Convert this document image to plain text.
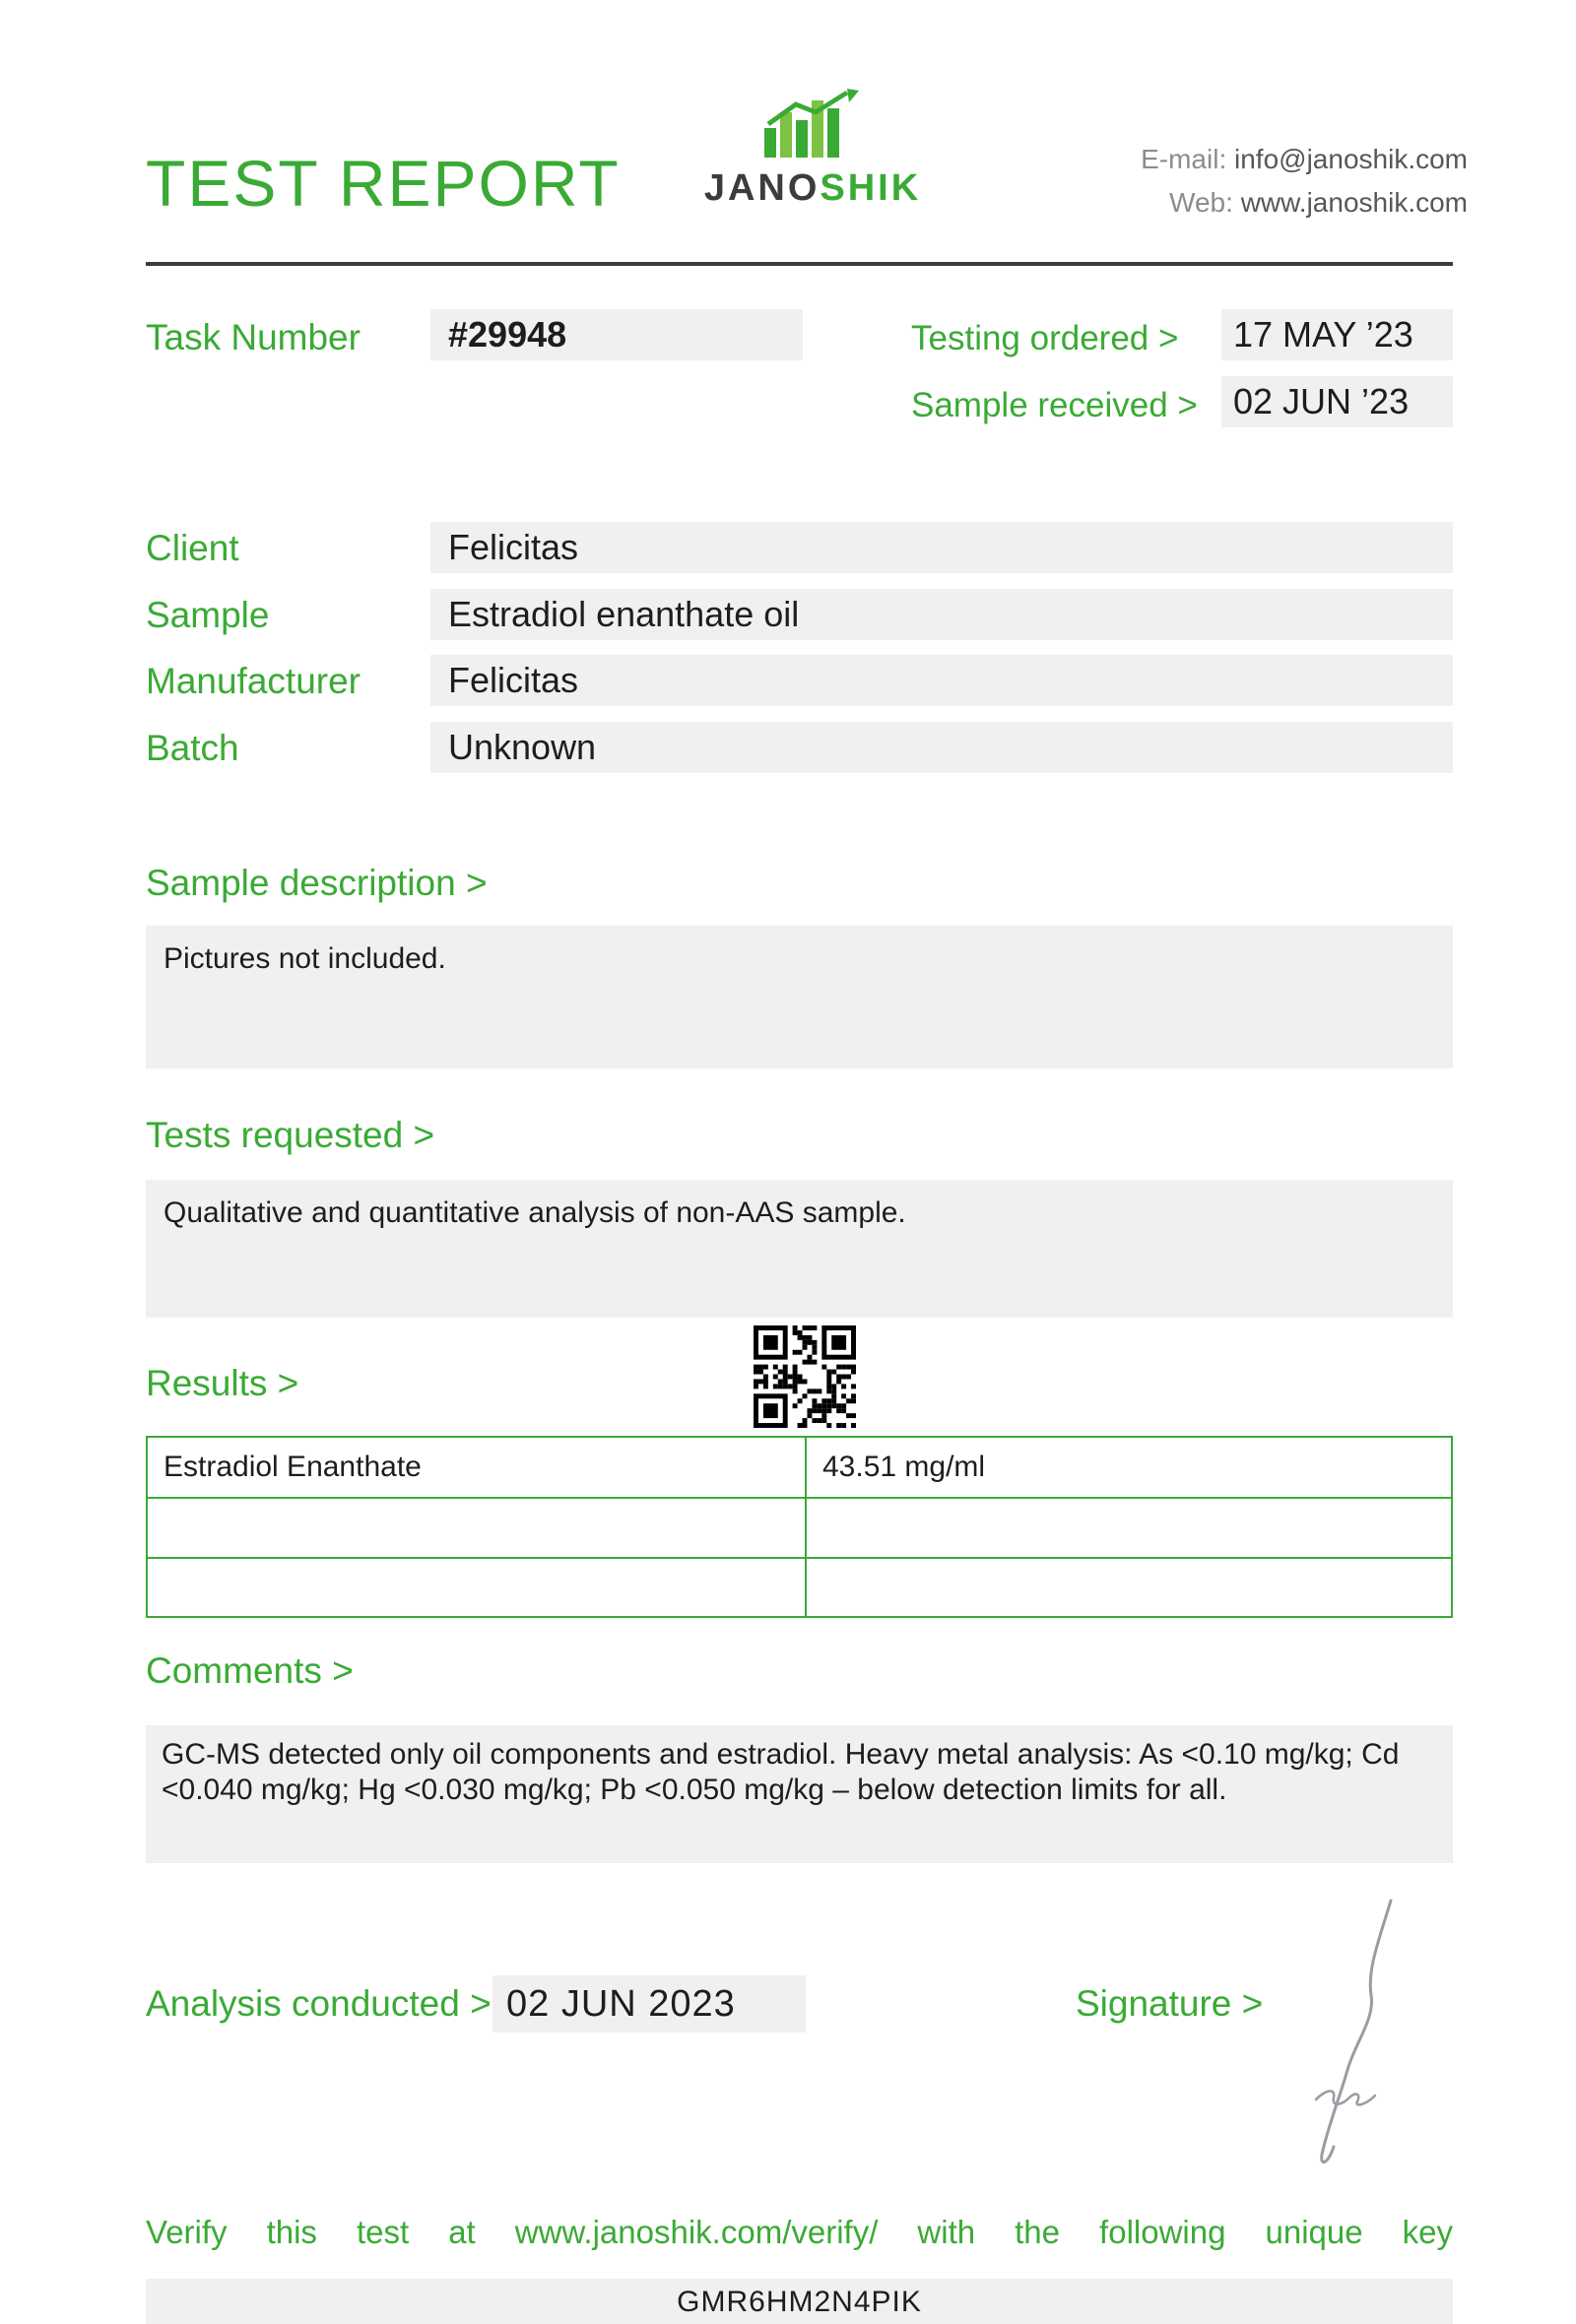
TEST REPORT	JANOSHIK
E-mail: info@janoshik.com
Web: www.janoshik.com
Task Number	#29948	Testing ordered >	17 MAY ’23
Sample received >	02 JUN ’23
Client	Felicitas
Sample	Estradiol enanthate oil
Manufacturer	Felicitas
Batch	Unknown
Sample description >
Pictures not included.
Tests requested >
Qualitative and quantitative analysis of non-AAS sample.
Results >
Estradiol Enanthate	43.51 mg/ml
Comments >
GC-MS detected only oil components and estradiol. Heavy metal analysis: As <0.10 mg/kg; Cd <0.040 mg/kg; Hg <0.030 mg/kg; Pb <0.050 mg/kg – below detection limits for all.
Analysis conducted > 02 JUN 2023	Signature >
Verify this test at www.janoshik.com/verify/ with the following unique key
GMR6HM2N4PIK
